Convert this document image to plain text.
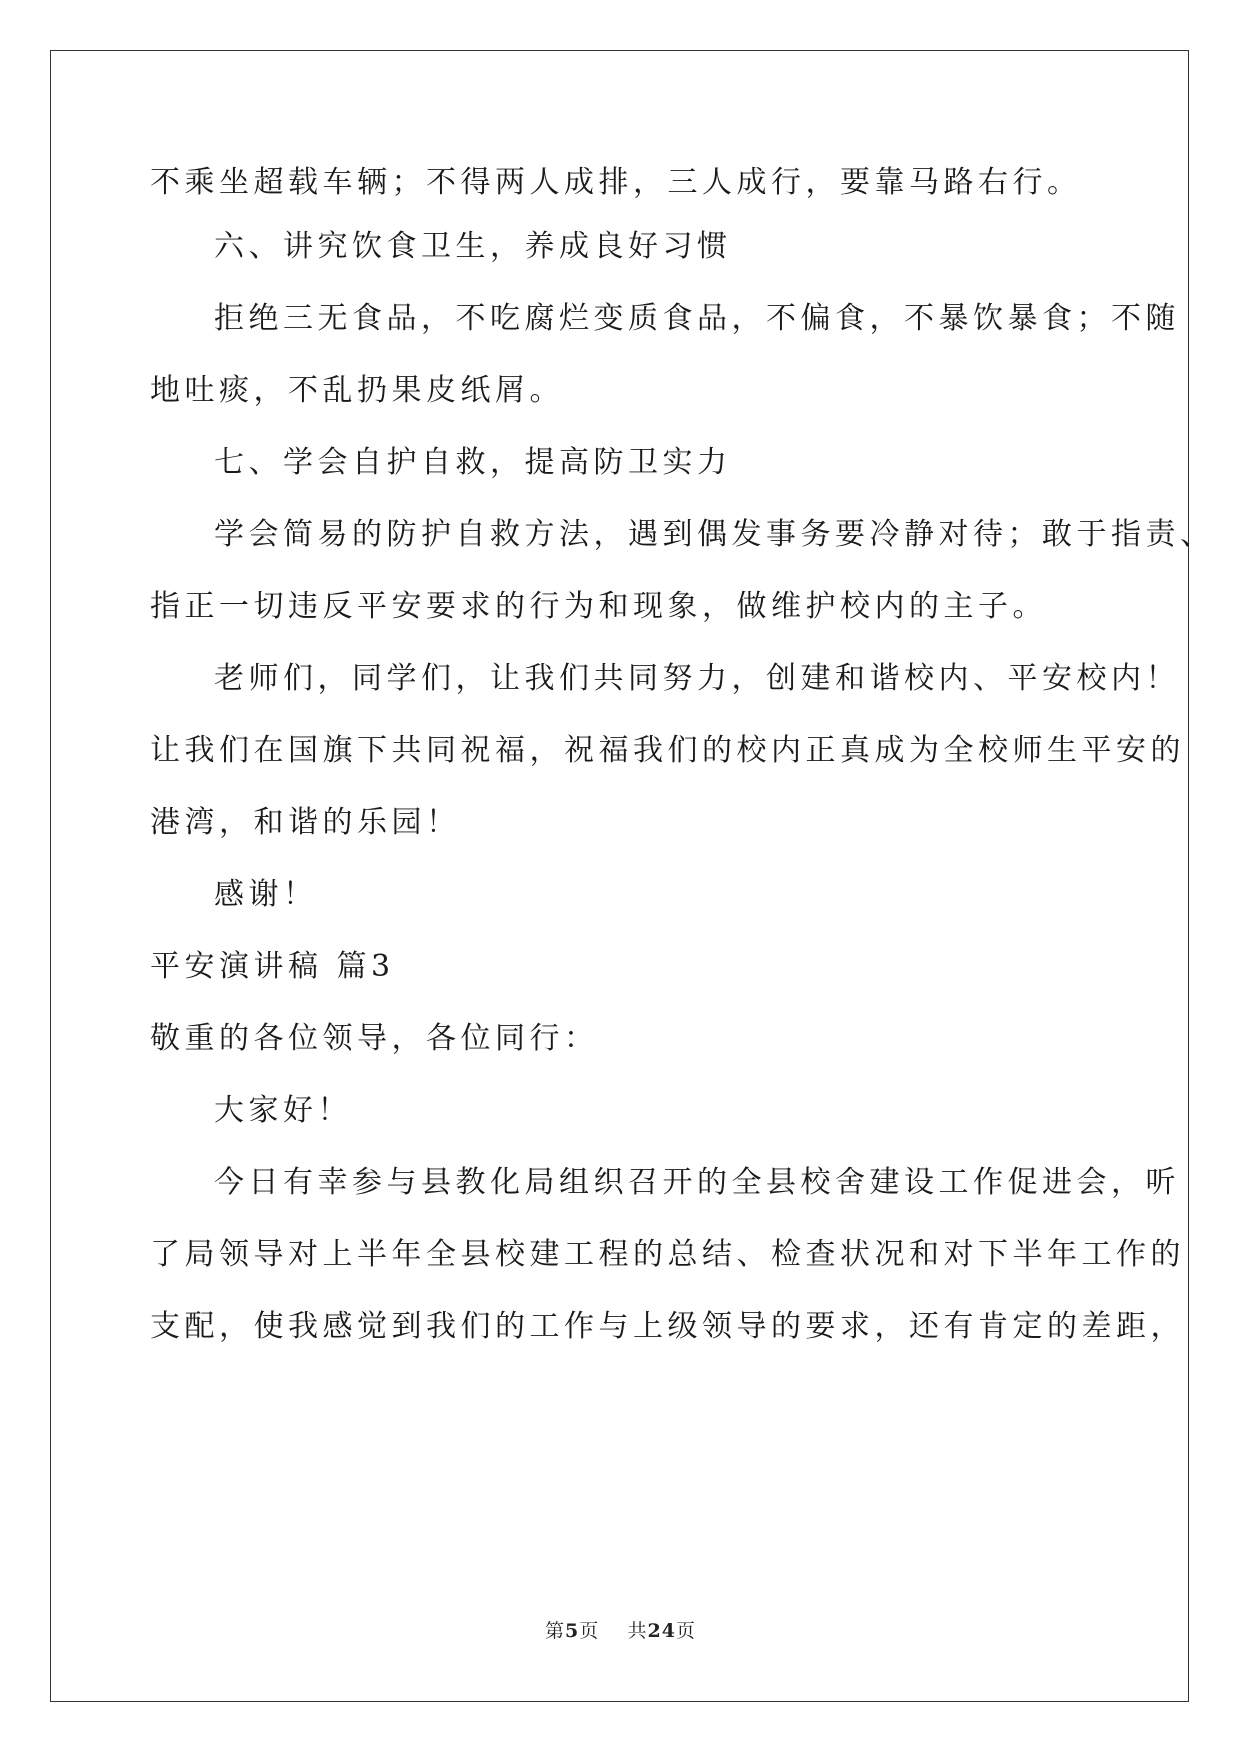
不乘坐超载车辆；不得两人成排，三人成行，要靠马路右行。
六、讲究饮食卫生，养成良好习惯
拒绝三无食品，不吃腐烂变质食品，不偏食，不暴饮暴食；不随
地吐痰，不乱扔果皮纸屑。
七、学会自护自救，提高防卫实力
学会简易的防护自救方法，遇到偶发事务要冷静对待；敢于指责、
指正一切违反平安要求的行为和现象，做维护校内的主子。
老师们，同学们，让我们共同努力，创建和谐校内、平安校内！
让我们在国旗下共同祝福，祝福我们的校内正真成为全校师生平安的
港湾，和谐的乐园！
感谢！
平安演讲稿 篇3
敬重的各位领导，各位同行：
大家好！
今日有幸参与县教化局组织召开的全县校舍建设工作促进会，听
了局领导对上半年全县校建工程的总结、检查状况和对下半年工作的
支配，使我感觉到我们的工作与上级领导的要求，还有肯定的差距，
第5页 共24页
